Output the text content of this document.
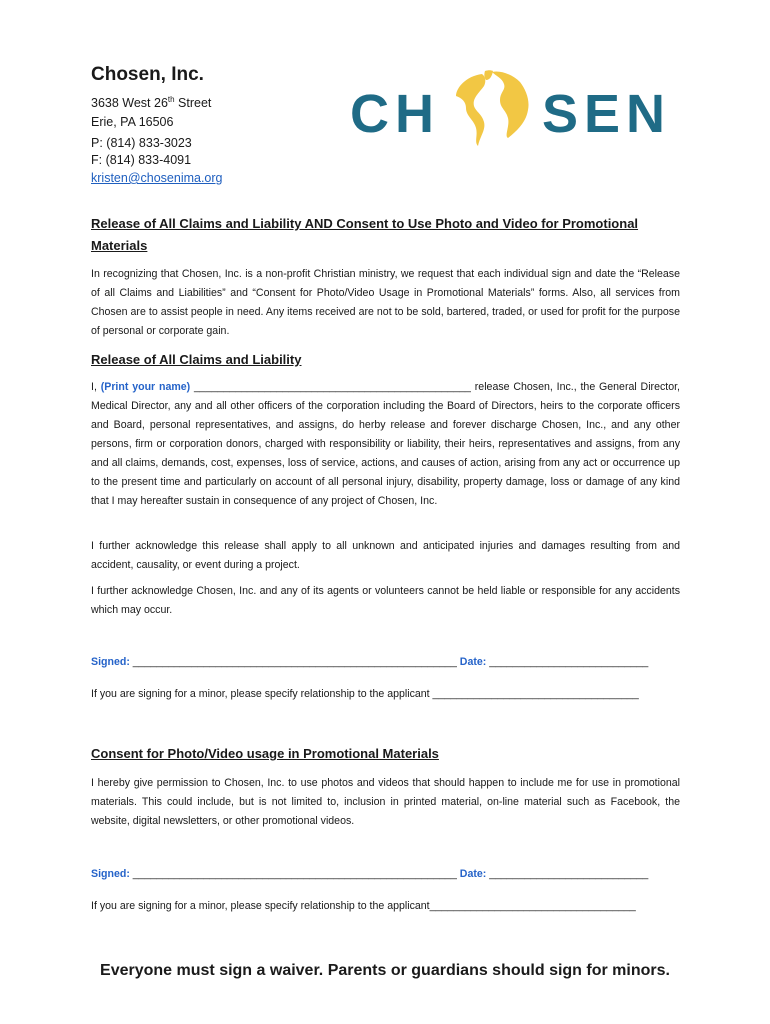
Chosen, Inc.
3638 West 26th Street
Erie, PA 16506
P: (814) 833-3023
F: (814) 833-4091
kristen@chosenima.org
CH SEN
Release of All Claims and Liability AND Consent to Use Photo and Video for Promotional
Materials

In recognizing that Chosen, Inc. is a non-profit Christian ministry, we request that each individual sign and date the “Release of all Claims and Liabilities” and “Consent for Photo/Video Usage in Promotional Materials” forms. Also, all services from Chosen are to assist people in need. Any items received are not to be sold, bartered, traded, or used for profit for the purpose of personal or corporate gain.

Release of All Claims and Liability

I, (Print your name) _______________________________________________ release Chosen, Inc., the General Director, Medical Director, any and all other officers of the corporation including the Board of Directors, heirs to the corporate officers and Board, personal representatives, and assigns, do herby release and forever discharge Chosen, Inc., and any other persons, firm or corporation donors, charged with responsibility or liability, their heirs, representatives and assigns, from any and all claims, demands, cost, expenses, loss of service, actions, and causes of action, arising from any act or occurrence up to the present time and particularly on account of all personal injury, disability, property damage, loss or damage of any kind that I may hereafter sustain in consequence of any project of Chosen, Inc.

I further acknowledge this release shall apply to all unknown and anticipated injuries and damages resulting from and accident, causality, or event during a project.

I further acknowledge Chosen, Inc. and any of its agents or volunteers cannot be held liable or responsible for any accidents which may occur.

Signed: _______________________________________________________ Date: ___________________________
If you are signing for a minor, please specify relationship to the applicant ___________________________________
Consent for Photo/Video usage in Promotional Materials

I hereby give permission to Chosen, Inc. to use photos and videos that should happen to include me for use in promotional materials. This could include, but is not limited to, inclusion in printed material, on-line material such as Facebook, the website, digital newsletters, or other promotional videos.

Signed: _______________________________________________________ Date: ___________________________
If you are signing for a minor, please specify relationship to the applicant___________________________________
Everyone must sign a waiver. Parents or guardians should sign for minors.
